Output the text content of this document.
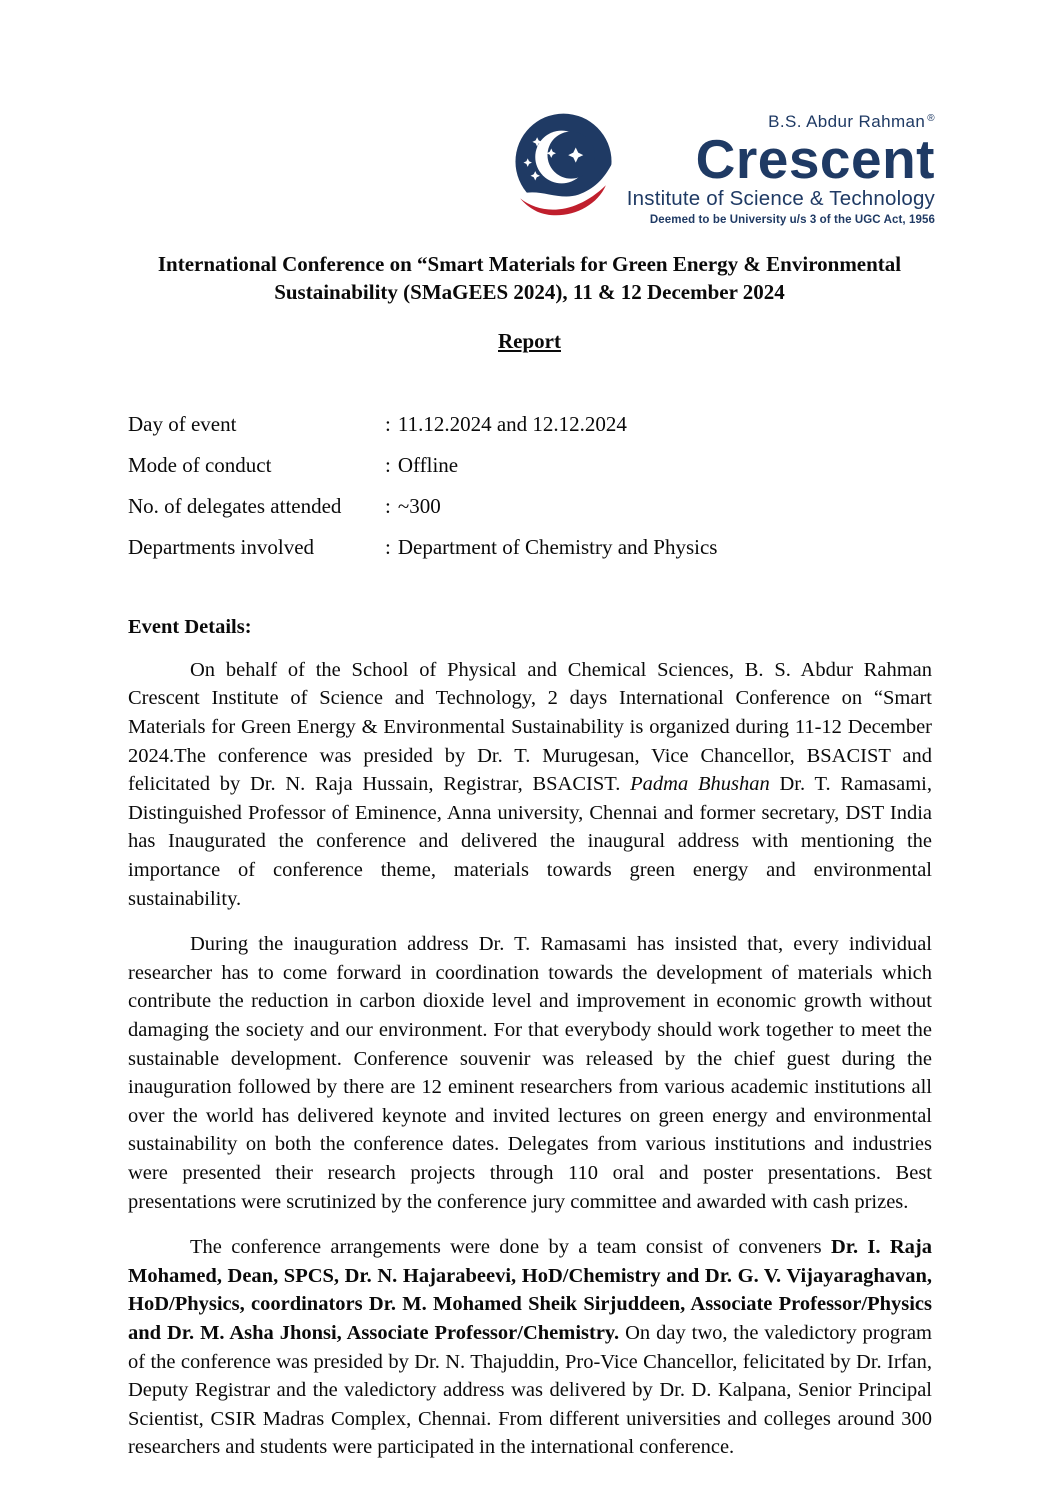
B.S. Abdur Rahman ®
Crescent
Institute of Science & Technology
Deemed to be University u/s 3 of the UGC Act, 1956
International Conference on “Smart Materials for Green Energy & Environmental Sustainability (SMaGEES 2024), 11 & 12 December 2024
Report
Day of event	: 11.12.2024 and 12.12.2024
Mode of conduct	: Offline
No. of delegates attended : ~300
Departments involved	: Department of Chemistry and Physics
Event Details:

On behalf of the School of Physical and Chemical Sciences, B. S. Abdur Rahman Crescent Institute of Science and Technology, 2 days International Conference on “Smart Materials for Green Energy & Environmental Sustainability is organized during 11-12 December 2024.The conference was presided by Dr. T. Murugesan, Vice Chancellor, BSACIST and felicitated by Dr. N. Raja Hussain, Registrar, BSACIST. Padma Bhushan Dr. T. Ramasami, Distinguished Professor of Eminence, Anna university, Chennai and former secretary, DST India has Inaugurated the conference and delivered the inaugural address with mentioning the importance of conference theme, materials towards green energy and environmental sustainability.

During the inauguration address Dr. T. Ramasami has insisted that, every individual researcher has to come forward in coordination towards the development of materials which contribute the reduction in carbon dioxide level and improvement in economic growth without damaging the society and our environment. For that everybody should work together to meet the sustainable development. Conference souvenir was released by the chief guest during the inauguration followed by there are 12 eminent researchers from various academic institutions all over the world has delivered keynote and invited lectures on green energy and environmental sustainability on both the conference dates. Delegates from various institutions and industries were presented their research projects through 110 oral and poster presentations. Best presentations were scrutinized by the conference jury committee and awarded with cash prizes.

The conference arrangements were done by a team consist of conveners Dr. I. Raja Mohamed, Dean, SPCS, Dr. N. Hajarabeevi, HoD/Chemistry and Dr. G. V. Vijayaraghavan, HoD/Physics, coordinators Dr. M. Mohamed Sheik Sirjuddeen, Associate Professor/Physics and Dr. M. Asha Jhonsi, Associate Professor/Chemistry. On day two, the valedictory program of the conference was presided by Dr. N. Thajuddin, Pro-Vice Chancellor, felicitated by Dr. Irfan, Deputy Registrar and the valedictory address was delivered by Dr. D. Kalpana, Senior Principal Scientist, CSIR Madras Complex, Chennai. From different universities and colleges around 300 researchers and students were participated in the international conference.
